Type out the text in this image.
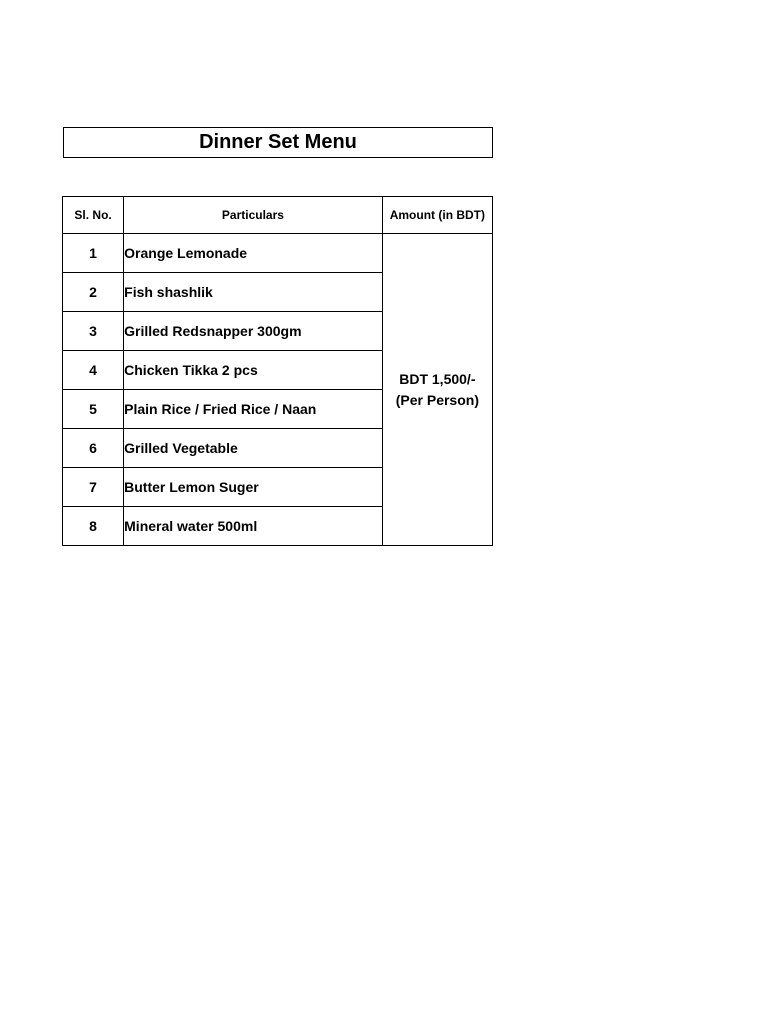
Dinner Set Menu
Sl. No.	Particulars	Amount (in BDT)
1	Orange Lemonade	BDT 1,500/-
(Per Person)

2	Fish shashlik	
3	Grilled Redsnapper 300gm	
4	Chicken Tikka 2 pcs	
5	Plain Rice / Fried Rice / Naan	
6	Grilled Vegetable	
7	Butter Lemon Suger	
8	Mineral water 500ml	
